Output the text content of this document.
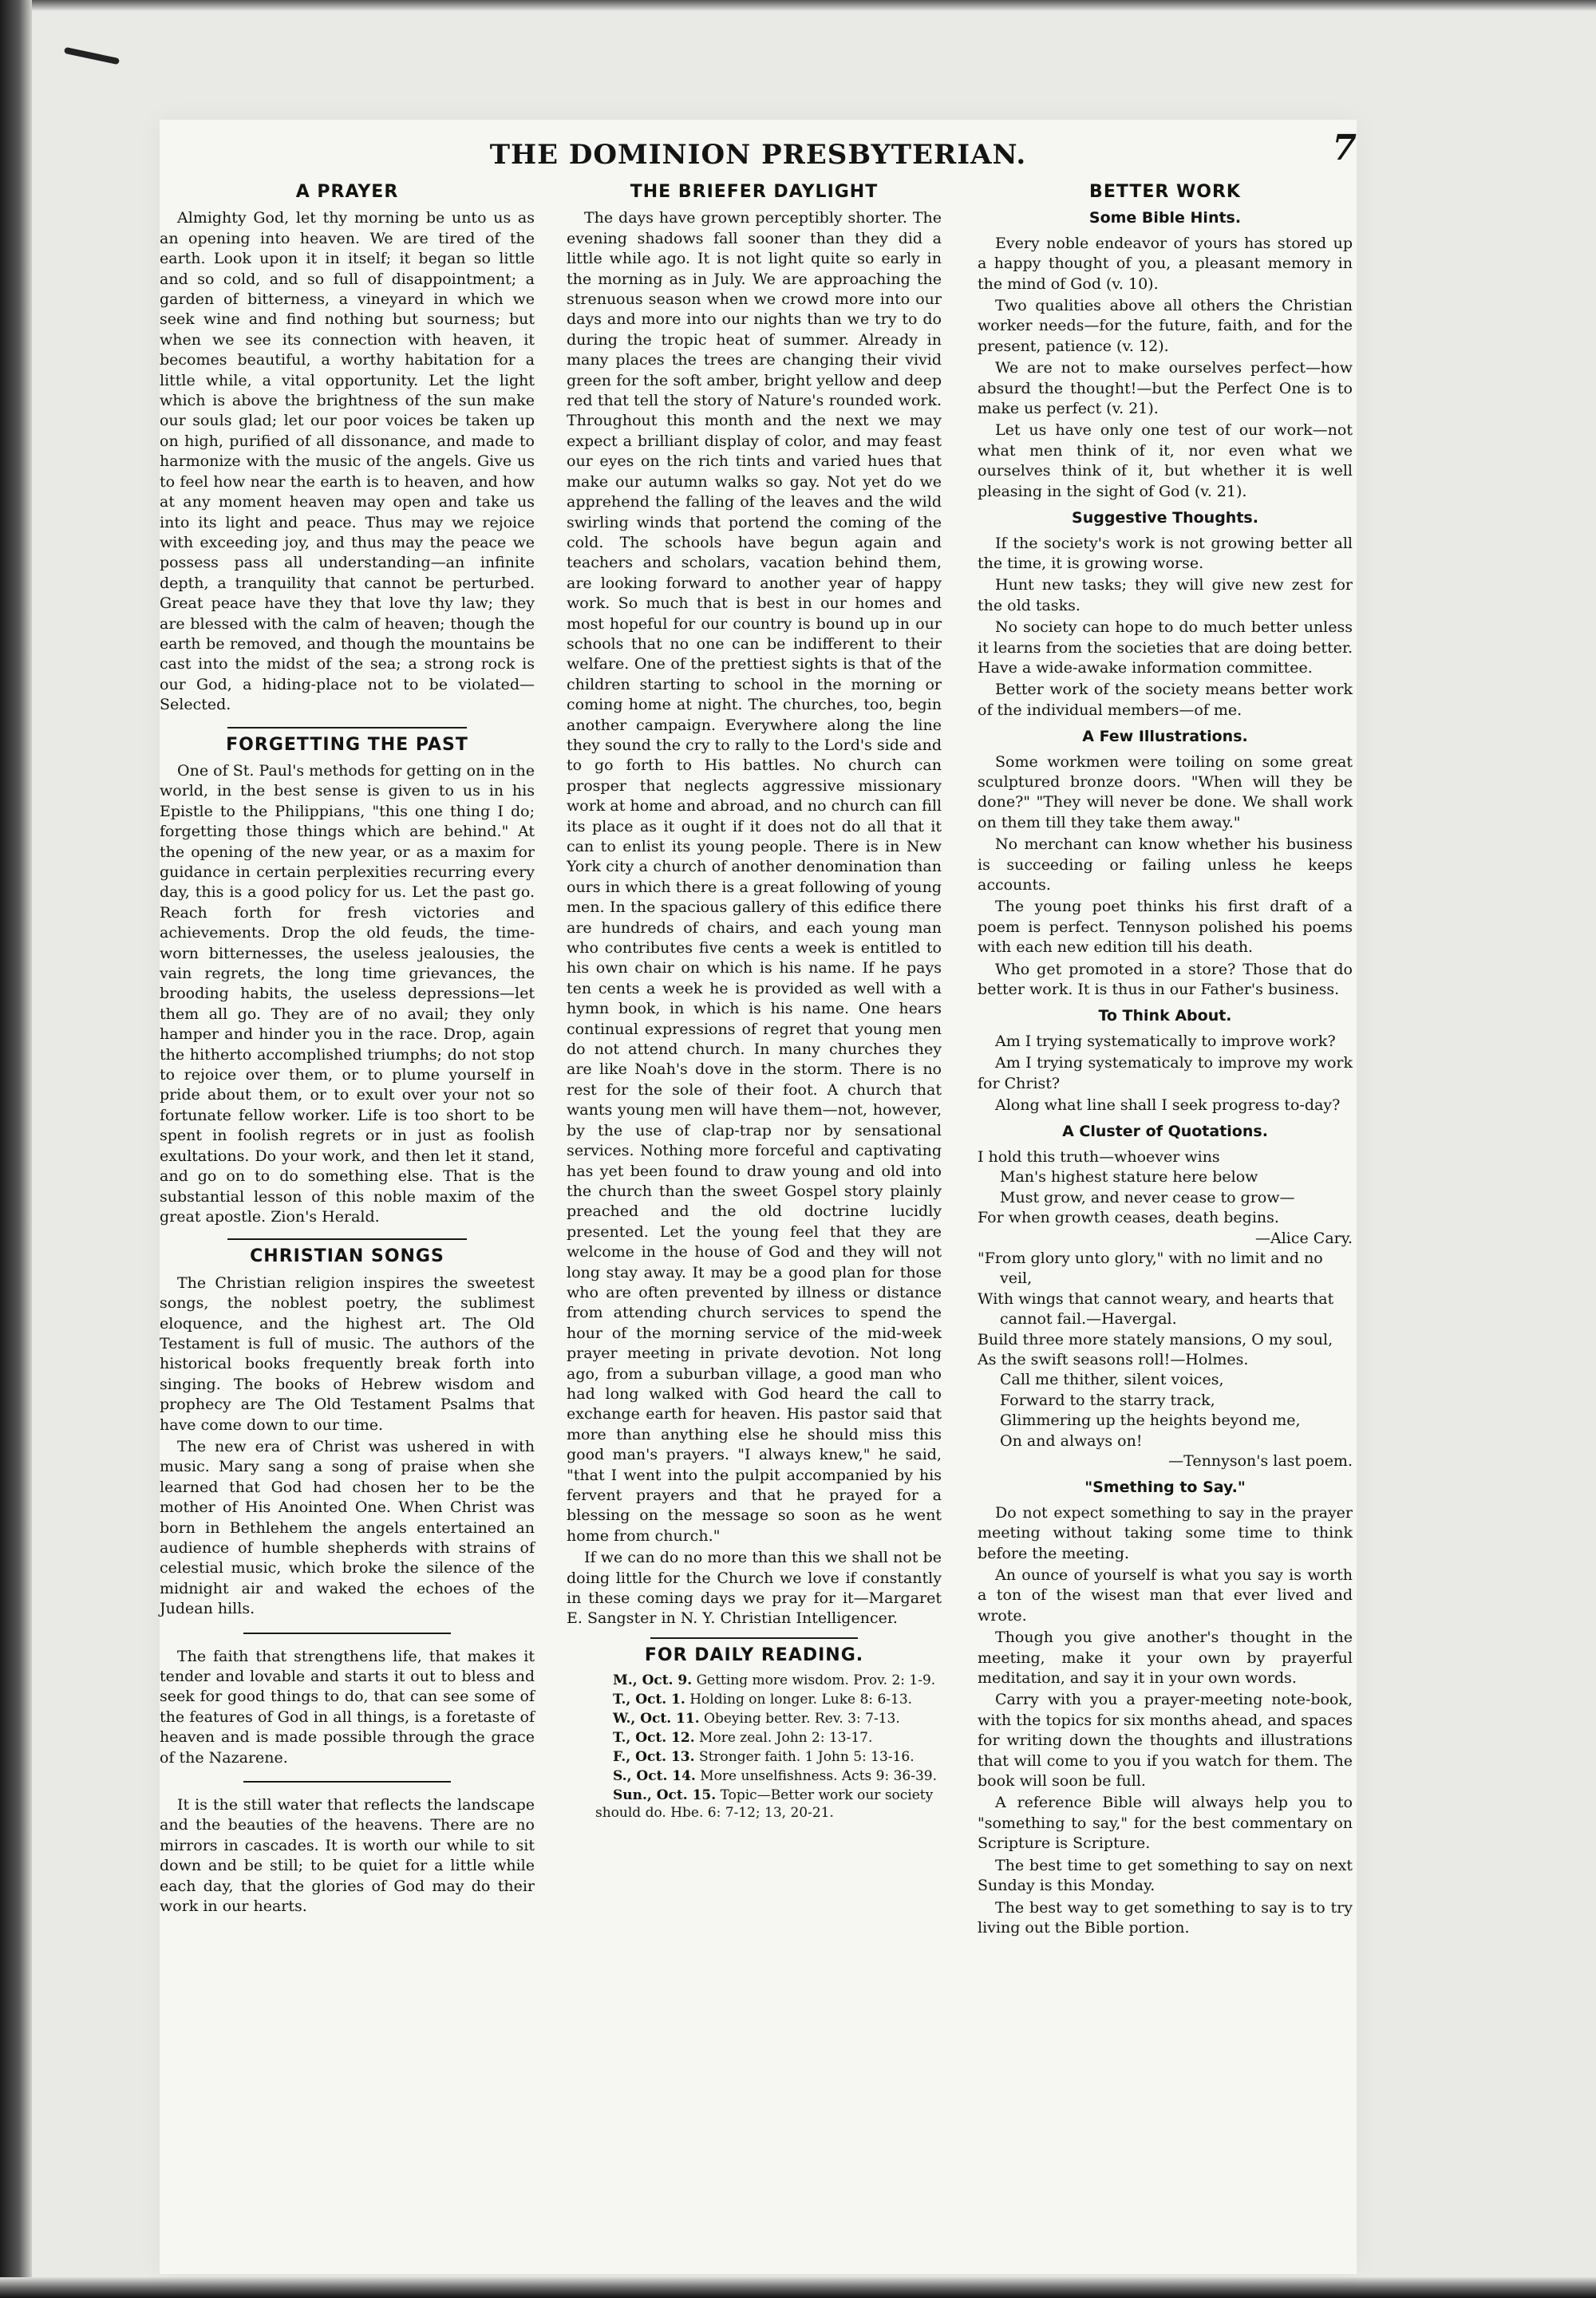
THE DOMINION PRESBYTERIAN.	7
A PRAYER

Almighty God, let thy morning be unto us as an opening into heaven. We are tired of the earth. Look upon it in itself; it began so little and so cold, and so full of disappointment; a garden of bitterness, a vineyard in which we seek wine and find nothing but sourness; but when we see its connection with heaven, it becomes beautiful, a worthy habitation for a little while, a vital opportunity. Let the light which is above the brightness of the sun make our souls glad; let our poor voices be taken up on high, purified of all dissonance, and made to harmonize with the music of the angels. Give us to feel how near the earth is to heaven, and how at any moment heaven may open and take us into its light and peace. Thus may we rejoice with exceeding joy, and thus may the peace we possess pass all understanding—an infinite depth, a tranquility that cannot be perturbed. Great peace have they that love thy law; they are blessed with the calm of heaven; though the earth be removed, and though the mountains be cast into the midst of the sea; a strong rock is our God, a hiding-place not to be violated—Selected.

FORGETTING THE PAST

One of St. Paul's methods for getting on in the world, in the best sense is given to us in his Epistle to the Philippians, "this one thing I do; forgetting those things which are behind." At the opening of the new year, or as a maxim for guidance in certain perplexities recurring every day, this is a good policy for us. Let the past go. Reach forth for fresh victories and achievements. Drop the old feuds, the time-worn bitternesses, the useless jealousies, the vain regrets, the long time grievances, the brooding habits, the useless depressions—let them all go. They are of no avail; they only hamper and hinder you in the race. Drop, again the hitherto accomplished triumphs; do not stop to rejoice over them, or to plume yourself in pride about them, or to exult over your not so fortunate fellow worker. Life is too short to be spent in foolish regrets or in just as foolish exultations. Do your work, and then let it stand, and go on to do something else. That is the substantial lesson of this noble maxim of the great apostle. Zion's Herald.

CHRISTIAN SONGS

The Christian religion inspires the sweetest songs, the noblest poetry, the sublimest eloquence, and the highest art. The Old Testament is full of music. The authors of the historical books frequently break forth into singing. The books of Hebrew wisdom and prophecy are The Old Testament Psalms that have come down to our time.

The new era of Christ was ushered in with music. Mary sang a song of praise when she learned that God had chosen her to be the mother of His Anointed One. When Christ was born in Bethlehem the angels entertained an audience of humble shepherds with strains of celestial music, which broke the silence of the midnight air and waked the echoes of the Judean hills.

The faith that strengthens life, that makes it tender and lovable and starts it out to bless and seek for good things to do, that can see some of the features of God in all things, is a foretaste of heaven and is made possible through the grace of the Nazarene.

It is the still water that reflects the landscape and the beauties of the heavens. There are no mirrors in cascades. It is worth our while to sit down and be still; to be quiet for a little while each day, that the glories of God may do their work in our hearts.

THE BRIEFER DAYLIGHT

The days have grown perceptibly shorter. The evening shadows fall sooner than they did a little while ago. It is not light quite so early in the morning as in July. We are approaching the strenuous season when we crowd more into our days and more into our nights than we try to do during the tropic heat of summer. Already in many places the trees are changing their vivid green for the soft amber, bright yellow and deep red that tell the story of Nature's rounded work. Throughout this month and the next we may expect a brilliant display of color, and may feast our eyes on the rich tints and varied hues that make our autumn walks so gay. Not yet do we apprehend the falling of the leaves and the wild swirling winds that portend the coming of the cold. The schools have begun again and teachers and scholars, vacation behind them, are looking forward to another year of happy work. So much that is best in our homes and most hopeful for our country is bound up in our schools that no one can be indifferent to their welfare. One of the prettiest sights is that of the children starting to school in the morning or coming home at night. The churches, too, begin another campaign. Everywhere along the line they sound the cry to rally to the Lord's side and to go forth to His battles. No church can prosper that neglects aggressive missionary work at home and abroad, and no church can fill its place as it ought if it does not do all that it can to enlist its young people. There is in New York city a church of another denomination than ours in which there is a great following of young men. In the spacious gallery of this edifice there are hundreds of chairs, and each young man who contributes five cents a week is entitled to his own chair on which is his name. If he pays ten cents a week he is provided as well with a hymn book, in which is his name. One hears continual expressions of regret that young men do not attend church. In many churches they are like Noah's dove in the storm. There is no rest for the sole of their foot. A church that wants young men will have them—not, however, by the use of clap-trap nor by sensational services. Nothing more forceful and captivating has yet been found to draw young and old into the church than the sweet Gospel story plainly preached and the old doctrine lucidly presented. Let the young feel that they are welcome in the house of God and they will not long stay away. It may be a good plan for those who are often prevented by illness or distance from attending church services to spend the hour of the morning service of the mid-week prayer meeting in private devotion. Not long ago, from a suburban village, a good man who had long walked with God heard the call to exchange earth for heaven. His pastor said that more than anything else he should miss this good man's prayers. "I always knew," he said, "that I went into the pulpit accompanied by his fervent prayers and that he prayed for a blessing on the message so soon as he went home from church."

If we can do no more than this we shall not be doing little for the Church we love if constantly in these coming days we pray for it—Margaret E. Sangster in N. Y. Christian Intelligencer.

FOR DAILY READING.

M., Oct. 9. Getting more wisdom. Prov. 2: 1-9.

T., Oct. 1. Holding on longer. Luke 8: 6-13.

W., Oct. 11. Obeying better. Rev. 3: 7-13.

T., Oct. 12. More zeal. John 2: 13-17.

F., Oct. 13. Stronger faith. 1 John 5: 13-16.

S., Oct. 14. More unselfishness. Acts 9: 36-39.

Sun., Oct. 15. Topic—Better work our society should do. Hbe. 6: 7-12; 13, 20-21.

BETTER WORK
Some Bible Hints.

Every noble endeavor of yours has stored up a happy thought of you, a pleasant memory in the mind of God (v. 10).

Two qualities above all others the Christian worker needs—for the future, faith, and for the present, patience (v. 12).

We are not to make ourselves perfect—how absurd the thought!—but the Perfect One is to make us perfect (v. 21).

Let us have only one test of our work—not what men think of it, nor even what we ourselves think of it, but whether it is well pleasing in the sight of God (v. 21).

Suggestive Thoughts.

If the society's work is not growing better all the time, it is growing worse.

Hunt new tasks; they will give new zest for the old tasks.

No society can hope to do much better unless it learns from the societies that are doing better. Have a wide-awake information committee.

Better work of the society means better work of the individual members—of me.

A Few Illustrations.

Some workmen were toiling on some great sculptured bronze doors. "When will they be done?" "They will never be done. We shall work on them till they take them away."

No merchant can know whether his business is succeeding or failing unless he keeps accounts.

The young poet thinks his first draft of a poem is perfect. Tennyson polished his poems with each new edition till his death.

Who get promoted in a store? Those that do better work. It is thus in our Father's business.

To Think About.

Am I trying systematically to improve work?

Am I trying systematicaly to improve my work for Christ?

Along what line shall I seek progress to-day?

A Cluster of Quotations.

I hold this truth—whoever wins

Man's highest stature here below

Must grow, and never cease to grow—

For when growth ceases, death begins.

—Alice Cary.

"From glory unto glory," with no limit and no veil,

With wings that cannot weary, and hearts that cannot fail.—Havergal.

Build three more stately mansions, O my soul,

As the swift seasons roll!—Holmes.

Call me thither, silent voices,

Forward to the starry track,

Glimmering up the heights beyond me,

On and always on!

—Tennyson's last poem.

"Smething to Say."

Do not expect something to say in the prayer meeting without taking some time to think before the meeting.

An ounce of yourself is what you say is worth a ton of the wisest man that ever lived and wrote.

Though you give another's thought in the meeting, make it your own by prayerful meditation, and say it in your own words.

Carry with you a prayer-meeting note-book, with the topics for six months ahead, and spaces for writing down the thoughts and illustrations that will come to you if you watch for them. The book will soon be full.

A reference Bible will always help you to "something to say," for the best commentary on Scripture is Scripture.

The best time to get something to say on next Sunday is this Monday.

The best way to get something to say is to try living out the Bible portion.
